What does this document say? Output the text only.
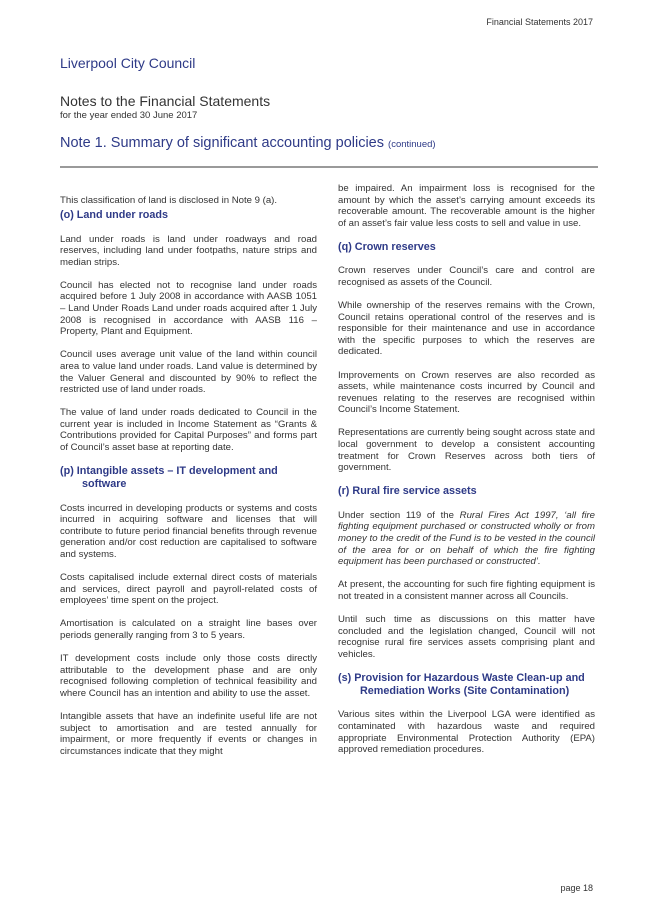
Financial Statements 2017
Liverpool City Council
Notes to the Financial Statements
for the year ended 30 June 2017
Note 1. Summary of significant accounting policies (continued)

This classification of land is disclosed in Note 9 (a).

(o) Land under roads

Land under roads is land under roadways and road reserves, including land under footpaths, nature strips and median strips.

Council has elected not to recognise land under roads acquired before 1 July 2008 in accordance with AASB 1051 – Land Under Roads Land under roads acquired after 1 July 2008 is recognised in accordance with AASB 116 – Property, Plant and Equipment.

Council uses average unit value of the land within council area to value land under roads. Land value is determined by the Valuer General and discounted by 90% to reflect the restricted use of land under roads.

The value of land under roads dedicated to Council in the current year is included in Income Statement as “Grants & Contributions provided for Capital Purposes” and forms part of Council’s asset base at reporting date.

(p) Intangible assets – IT development and software

Costs incurred in developing products or systems and costs incurred in acquiring software and licenses that will contribute to future period financial benefits through revenue generation and/or cost reduction are capitalised to software and systems.

Costs capitalised include external direct costs of materials and services, direct payroll and payroll-related costs of employees’ time spent on the project.

Amortisation is calculated on a straight line bases over periods generally ranging from 3 to 5 years.

IT development costs include only those costs directly attributable to the development phase and are only recognised following completion of technical feasibility and where Council has an intention and ability to use the asset.

Intangible assets that have an indefinite useful life are not subject to amortisation and are tested annually for impairment, or more frequently if events or changes in circumstances indicate that they might

be impaired. An impairment loss is recognised for the amount by which the asset’s carrying amount exceeds its recoverable amount. The recoverable amount is the higher of an asset’s fair value less costs to sell and value in use.

(q) Crown reserves

Crown reserves under Council’s care and control are recognised as assets of the Council.

While ownership of the reserves remains with the Crown, Council retains operational control of the reserves and is responsible for their maintenance and use in accordance with the specific purposes to which the reserves are dedicated.

Improvements on Crown reserves are also recorded as assets, while maintenance costs incurred by Council and revenues relating to the reserves are recognised within Council’s Income Statement.

Representations are currently being sought across state and local government to develop a consistent accounting treatment for Crown Reserves across both tiers of government.

(r) Rural fire service assets

Under section 119 of the Rural Fires Act 1997, ‘all fire fighting equipment purchased or constructed wholly or from money to the credit of the Fund is to be vested in the council of the area for or on behalf of which the fire fighting equipment has been purchased or constructed’.

At present, the accounting for such fire fighting equipment is not treated in a consistent manner across all Councils.

Until such time as discussions on this matter have concluded and the legislation changed, Council will not recognise rural fire services assets comprising plant and vehicles.

(s) Provision for Hazardous Waste Clean-up and Remediation Works (Site Contamination)

Various sites within the Liverpool LGA were identified as contaminated with hazardous waste and required appropriate Environmental Protection Authority (EPA) approved remediation procedures.

page 18
